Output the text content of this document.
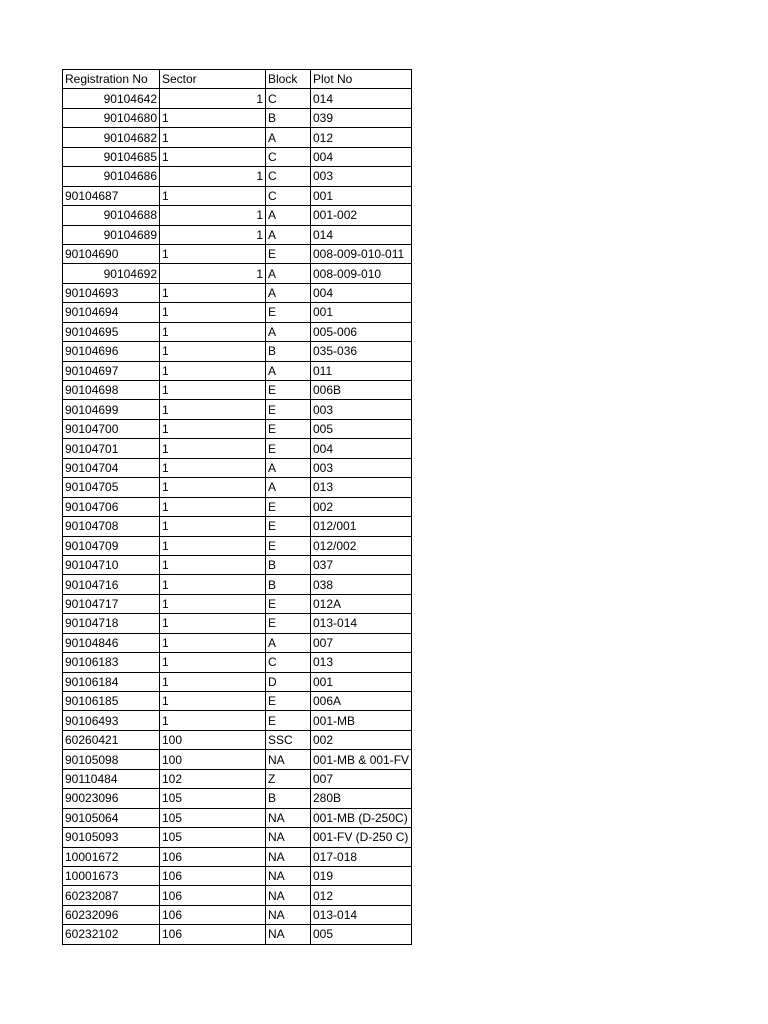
Registration No	Sector	Block	Plot No
90104642	1	C	014
90104680	1	B	039
90104682	1	A	012
90104685	1	C	004
90104686	1	C	003
90104687	1	C	001
90104688	1	A	001-002
90104689	1	A	014
90104690	1	E	008-009-010-011
90104692	1	A	008-009-010
90104693	1	A	004
90104694	1	E	001
90104695	1	A	005-006
90104696	1	B	035-036
90104697	1	A	011
90104698	1	E	006B
90104699	1	E	003
90104700	1	E	005
90104701	1	E	004
90104704	1	A	003
90104705	1	A	013
90104706	1	E	002
90104708	1	E	012/001
90104709	1	E	012/002
90104710	1	B	037
90104716	1	B	038
90104717	1	E	012A
90104718	1	E	013-014
90104846	1	A	007
90106183	1	C	013
90106184	1	D	001
90106185	1	E	006A
90106493	1	E	001-MB
60260421	100	SSC	002
90105098	100	NA	001-MB & 001-FV
90110484	102	Z	007
90023096	105	B	280B
90105064	105	NA	001-MB (D-250C)
90105093	105	NA	001-FV (D-250 C)
10001672	106	NA	017-018
10001673	106	NA	019
60232087	106	NA	012
60232096	106	NA	013-014
60232102	106	NA	005
